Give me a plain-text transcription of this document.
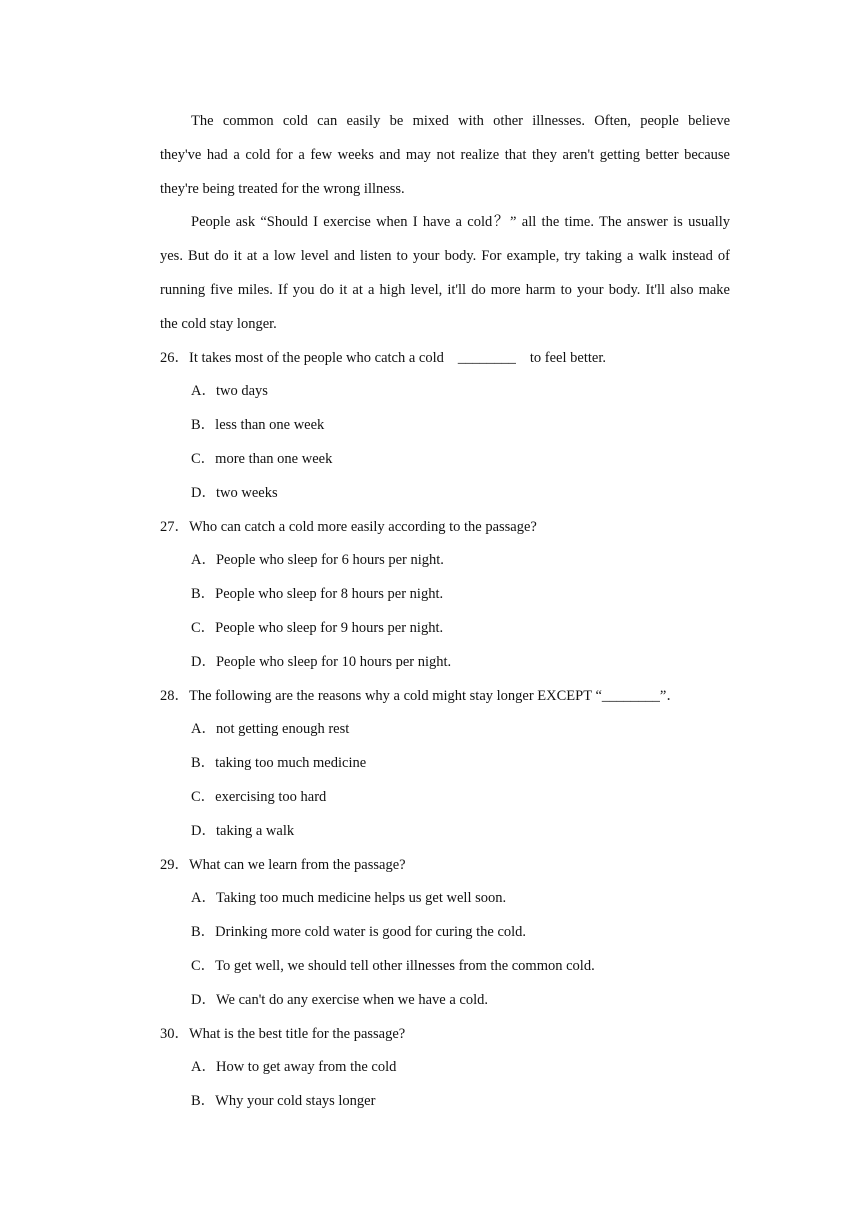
The common cold can easily be mixed with other illnesses. Often, people believe
they've had a cold for a few weeks and may not realize that they aren't getting better because
they're being treated for the wrong illness.
People ask “Should I exercise when I have a cold？” all the time. The answer is usually
yes. But do it at a low level and listen to your body. For example, try taking a walk instead of
running five miles. If you do it at a high level, it'll do more harm to your body. It'll also make
the cold stay longer.
26．It takes most of the people who catch a cold ________ to feel better.
A．two days
B．less than one week
C．more than one week
D．two weeks
27．Who can catch a cold more easily according to the passage?
A．People who sleep for 6 hours per night.
B．People who sleep for 8 hours per night.
C．People who sleep for 9 hours per night.
D．People who sleep for 10 hours per night.
28．The following are the reasons why a cold might stay longer EXCEPT “________”．
A．not getting enough rest
B．taking too much medicine
C．exercising too hard
D．taking a walk
29．What can we learn from the passage?
A．Taking too much medicine helps us get well soon.
B．Drinking more cold water is good for curing the cold.
C．To get well, we should tell other illnesses from the common cold.
D．We can't do any exercise when we have a cold.
30．What is the best title for the passage?
A．How to get away from the cold
B．Why your cold stays longer
